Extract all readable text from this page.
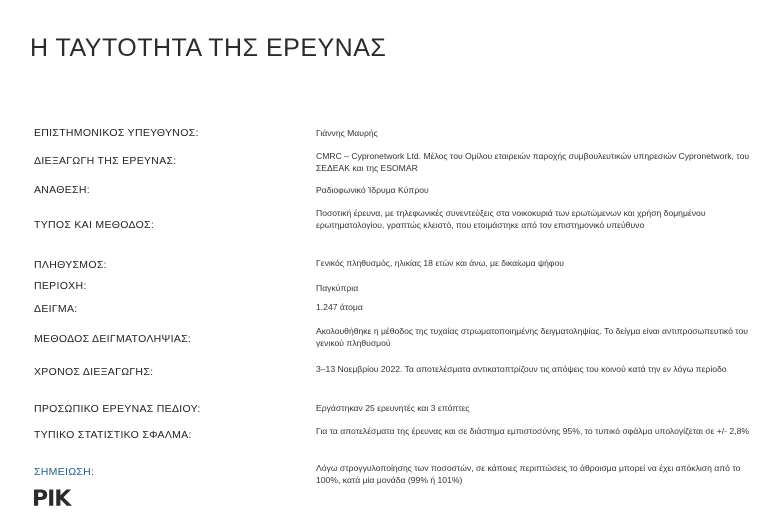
Η ΤΑΥΤΟΤΗΤΑ ΤΗΣ ΕΡΕΥΝΑΣ
ΕΠΙΣΤΗΜΟΝΙΚΟΣ ΥΠΕΥΘΥΝΟΣ:	Γιάννης Μαυρής
ΔΙΕΞΑΓΩΓΗ ΤΗΣ ΕΡΕΥΝΑΣ:	CMRC – Cypronetwork Ltd. Μέλος του Ομίλου εταιρειών παροχής συμβουλευτικών υπηρεσιών Cypronetwork, του ΣΕΔΕΑΚ και της ESOMAR
ΑΝΑΘΕΣΗ:	Ραδιοφωνικό Ίδρυμα Κύπρου
ΤΥΠΟΣ ΚΑΙ ΜΕΘΟΔΟΣ:
Ποσοτική έρευνα, με τηλεφωνικές συνεντεύξεις στα νοικοκυριά των ερωτώμενων και χρήση δομημένου ερωτηματολογίου, γραπτώς κλειστό, που ετοιμάστηκε από τον επιστημονικό υπεύθυνο
ΠΛΗΘΥΣΜΟΣ:	Γενικός πληθυσμός, ηλικίας 18 ετών και άνω, με δικαίωμα ψήφου
ΠΕΡΙΟΧΗ:	Παγκύπρια
ΔΕΙΓΜΑ:	1.247 άτομα
ΜΕΘΟΔΟΣ ΔΕΙΓΜΑΤΟΛΗΨΙΑΣ:
Ακολουθήθηκε η μέθοδος της τυχαίας στρωματοποιημένης δειγματοληψίας. Το δείγμα είναι αντιπροσωπευτικό του γενικού πληθυσμού
ΧΡΟΝΟΣ ΔΙΕΞΑΓΩΓΗΣ:	3–13 Νοεμβρίου 2022. Τα αποτελέσματα αντικατοπτρίζουν τις απόψεις του κοινού κατά την εν λόγω περίοδο
ΠΡΟΣΩΠΙΚΟ ΕΡΕΥΝΑΣ ΠΕΔΙΟΥ:	Εργάστηκαν 25 ερευνητές και 3 επόπτες
ΤΥΠΙΚΟ ΣΤΑΤΙΣΤΙΚΟ ΣΦΑΛΜΑ:	Για τα αποτελέσματα της έρευνας και σε διάστημα εμπιστοσύνης 95%, το τυπικό σφάλμα υπολογίζεται σε +/- 2,8%
ΣΗΜΕΙΩΣΗ:	Λόγω στρογγυλοποίησης των ποσοστών, σε κάποιες περιπτώσεις το άθροισμα μπορεί να έχει απόκλιση από το 100%, κατά μία μονάδα (99% ή 101%)
ΡΙΚ
